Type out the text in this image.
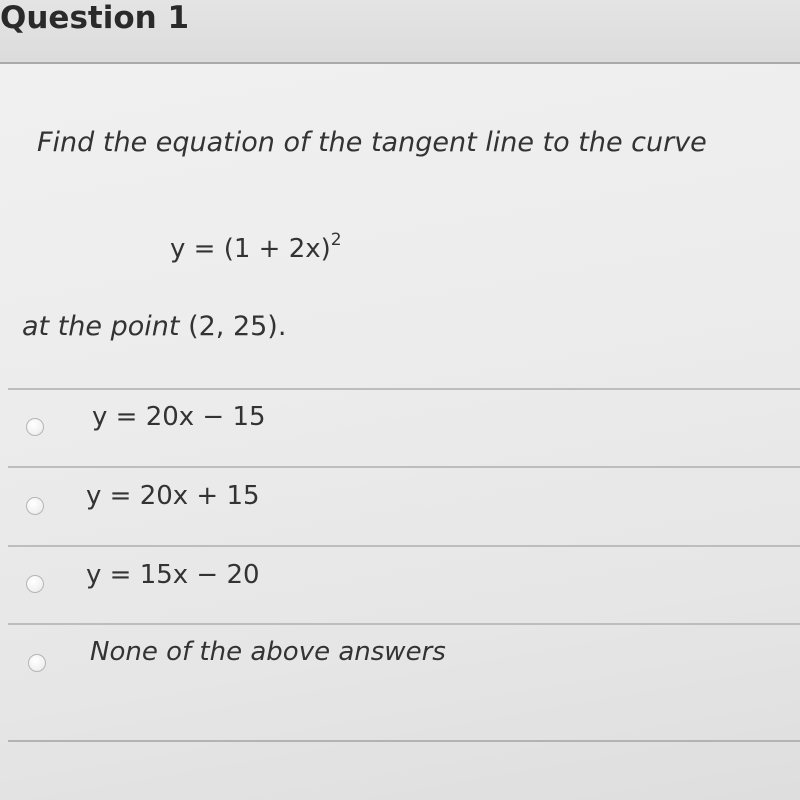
Question 1
Find the equation of the tangent line to the curve
$y = (1 + 2x)^2$
at the point (2, 25).
y = 20x − 15
y = 20x + 15
y = 15x − 20
None of the above answers
